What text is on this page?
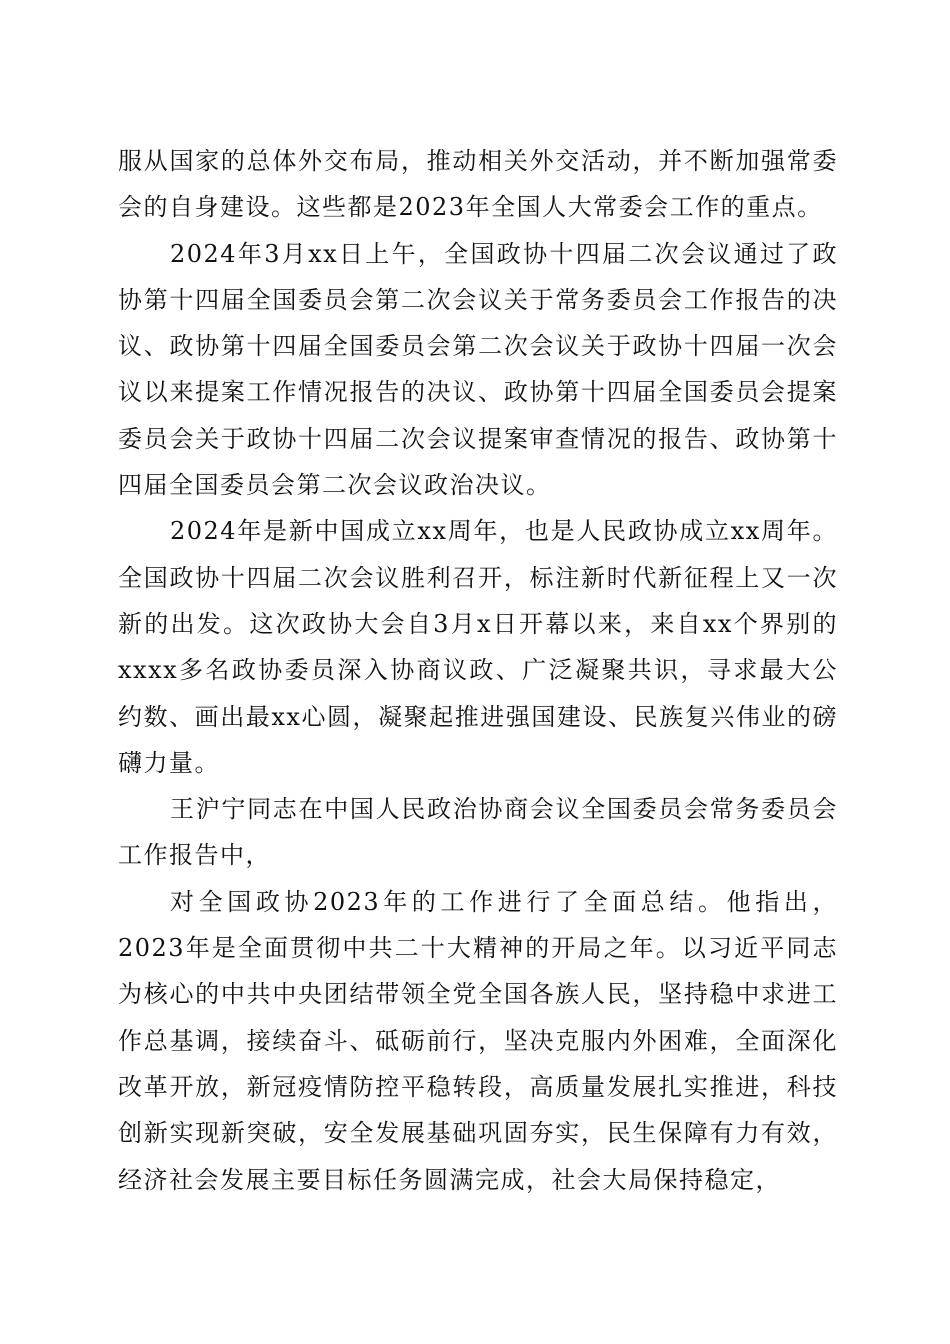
服从国家的总体外交布局，推动相关外交活动，并不断加强常委会的自身建设。这些都是2023年全国人大常委会工作的重点。

2024年3月xx日上午，全国政协十四届二次会议通过了政协第十四届全国委员会第二次会议关于常务委员会工作报告的决议、政协第十四届全国委员会第二次会议关于政协十四届一次会议以来提案工作情况报告的决议、政协第十四届全国委员会提案委员会关于政协十四届二次会议提案审查情况的报告、政协第十四届全国委员会第二次会议政治决议。

2024年是新中国成立xx周年，也是人民政协成立xx周年。全国政协十四届二次会议胜利召开，标注新时代新征程上又一次新的出发。这次政协大会自3月x日开幕以来，来自xx个界别的xxxx多名政协委员深入协商议政、广泛凝聚共识，寻求最大公约数、画出最xx心圆，凝聚起推进强国建设、民族复兴伟业的磅礴力量。

王沪宁同志在中国人民政治协商会议全国委员会常务委员会工作报告中，

对全国政协2023年的工作进行了全面总结。他指出，2023年是全面贯彻中共二十大精神的开局之年。以习近平同志为核心的中共中央团结带领全党全国各族人民，坚持稳中求进工作总基调，接续奋斗、砥砺前行，坚决克服内外困难，全面深化改革开放，新冠疫情防控平稳转段，高质量发展扎实推进，科技创新实现新突破，安全发展基础巩固夯实，民生保障有力有效，经济社会发展主要目标任务圆满完成，社会大局保持稳定，
